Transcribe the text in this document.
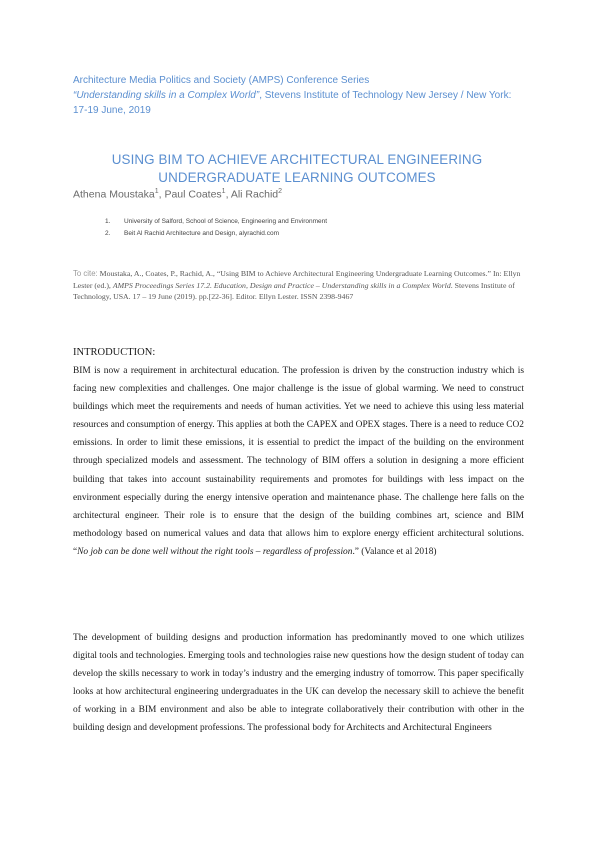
Architecture Media Politics and Society (AMPS) Conference Series
“Understanding skills in a Complex World”, Stevens Institute of Technology New Jersey / New York:
17-19 June, 2019
USING BIM TO ACHIEVE ARCHITECTURAL ENGINEERING
UNDERGRADUATE LEARNING OUTCOMES
Athena Moustaka$^1$, Paul Coates$^1$, Ali Rachid$^2$
1. University of Salford, School of Science, Engineering and Environment
2. Beit Al Rachid Architecture and Design, alyrachid.com
To cite: Moustaka, A., Coates, P., Rachid, A., “Using BIM to Achieve Architectural Engineering Undergraduate Learning Outcomes.” In: Ellyn Lester (ed.), AMPS Proceedings Series 17.2. Education, Design and Practice – Understanding skills in a Complex World. Stevens Institute of Technology, USA. 17 – 19 June (2019). pp.[22-36]. Editor. Ellyn Lester. ISSN 2398-9467
INTRODUCTION:
BIM is now a requirement in architectural education. The profession is driven by the construction industry which is facing new complexities and challenges. One major challenge is the issue of global warming. We need to construct buildings which meet the requirements and needs of human activities. Yet we need to achieve this using less material resources and consumption of energy. This applies at both the CAPEX and OPEX stages. There is a need to reduce CO2 emissions. In order to limit these emissions, it is essential to predict the impact of the building on the environment through specialized models and assessment. The technology of BIM offers a solution in designing a more efficient building that takes into account sustainability requirements and promotes for buildings with less impact on the environment especially during the energy intensive operation and maintenance phase. The challenge here falls on the architectural engineer. Their role is to ensure that the design of the building combines art, science and BIM methodology based on numerical values and data that allows him to explore energy efficient architectural solutions. “No job can be done well without the right tools – regardless of profession.” (Valance et al 2018)
The development of building designs and production information has predominantly moved to one which utilizes digital tools and technologies. Emerging tools and technologies raise new questions how the design student of today can develop the skills necessary to work in today’s industry and the emerging industry of tomorrow. This paper specifically looks at how architectural engineering undergraduates in the UK can develop the necessary skill to achieve the benefit of working in a BIM environment and also be able to integrate collaboratively their contribution with other in the building design and development professions. The professional body for Architects and Architectural Engineers
